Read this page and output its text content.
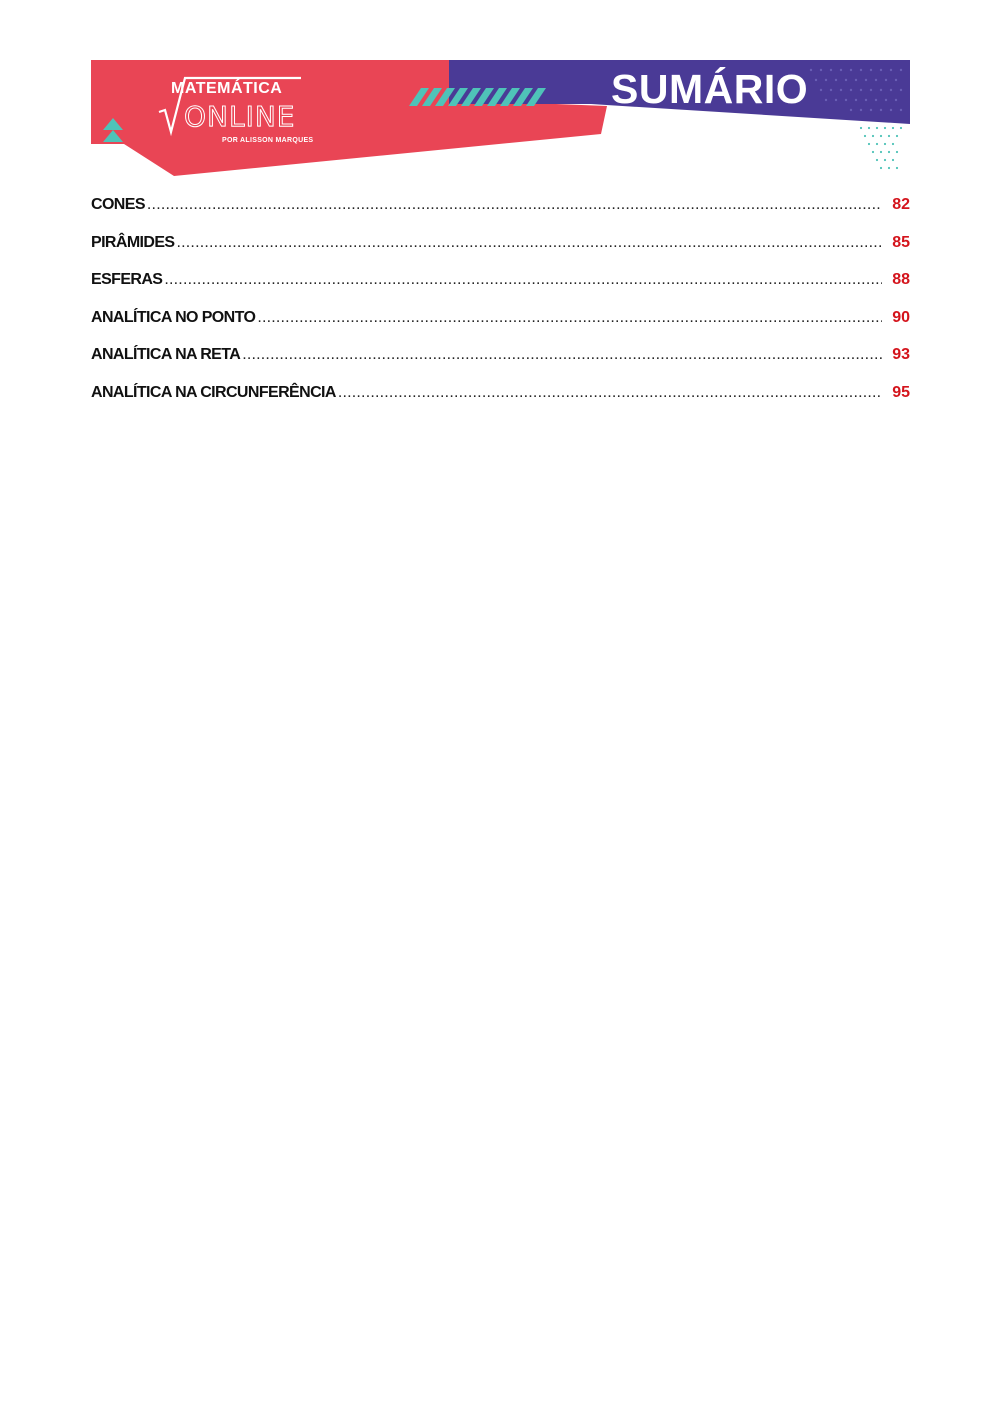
MATEMÁTICA
ONLINE
POR ALISSON MARQUES
SUMÁRIO
CONES .....	82
PIRÂMIDES .....	85
ESFERAS .....	88
ANALÍTICA NO PONTO .....	90
ANALÍTICA NA RETA .....	93
ANALÍTICA NA CIRCUNFERÊNCIA .....	95
